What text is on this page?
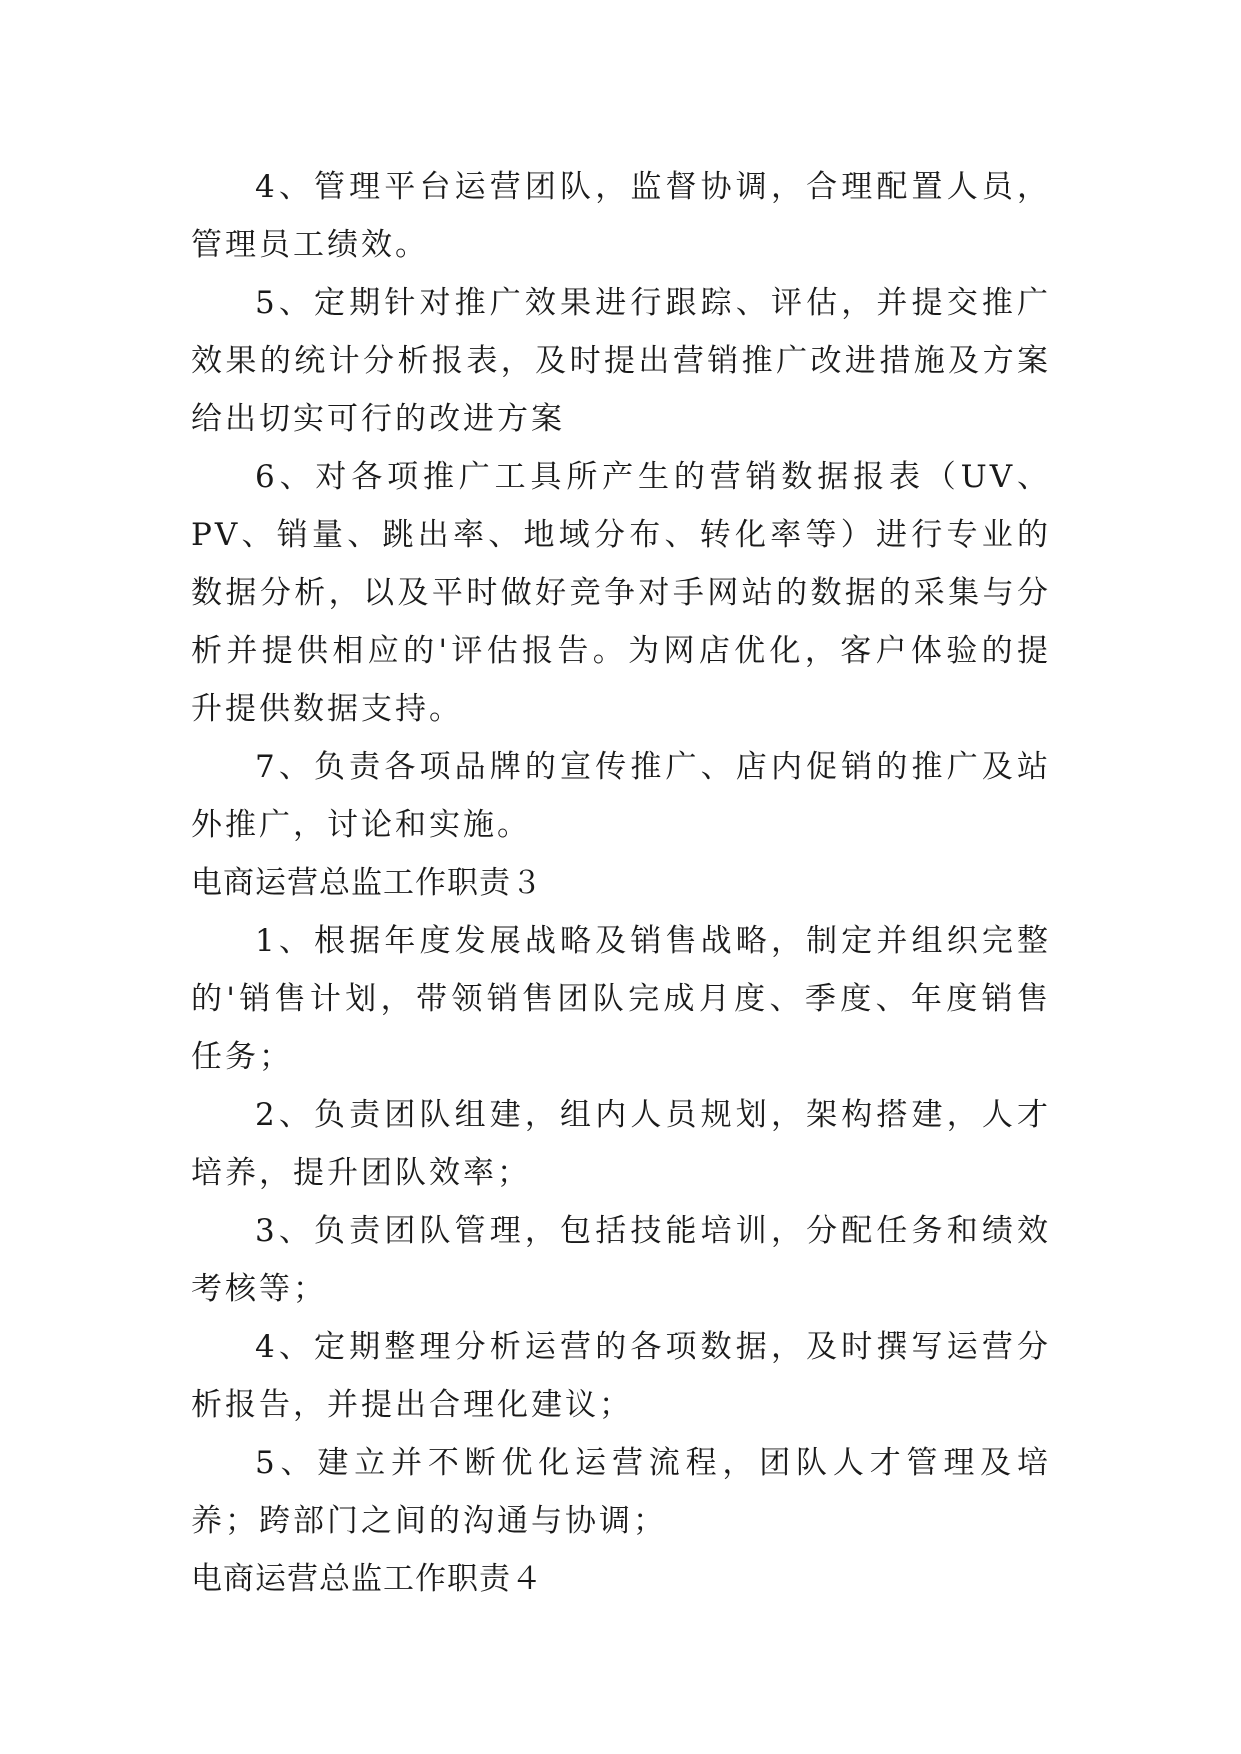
4、管理平台运营团队，监督协调，合理配置人员，管理员工绩效。

5、定期针对推广效果进行跟踪、评估，并提交推广效果的统计分析报表，及时提出营销推广改进措施及方案给出切实可行的改进方案

6、对各项推广工具所产生的营销数据报表（UV、PV、销量、跳出率、地域分布、转化率等）进行专业的数据分析，以及平时做好竞争对手网站的数据的采集与分析并提供相应的'评估报告。为网店优化，客户体验的提升提供数据支持。

7、负责各项品牌的宣传推广、店内促销的推广及站外推广，讨论和实施。

电商运营总监工作职责３

1、根据年度发展战略及销售战略，制定并组织完整的'销售计划，带领销售团队完成月度、季度、年度销售任务；

2、负责团队组建，组内人员规划，架构搭建，人才培养，提升团队效率；

3、负责团队管理，包括技能培训，分配任务和绩效考核等；

4、定期整理分析运营的各项数据，及时撰写运营分析报告，并提出合理化建议；

5、建立并不断优化运营流程，团队人才管理及培养；跨部门之间的沟通与协调；

电商运营总监工作职责４
